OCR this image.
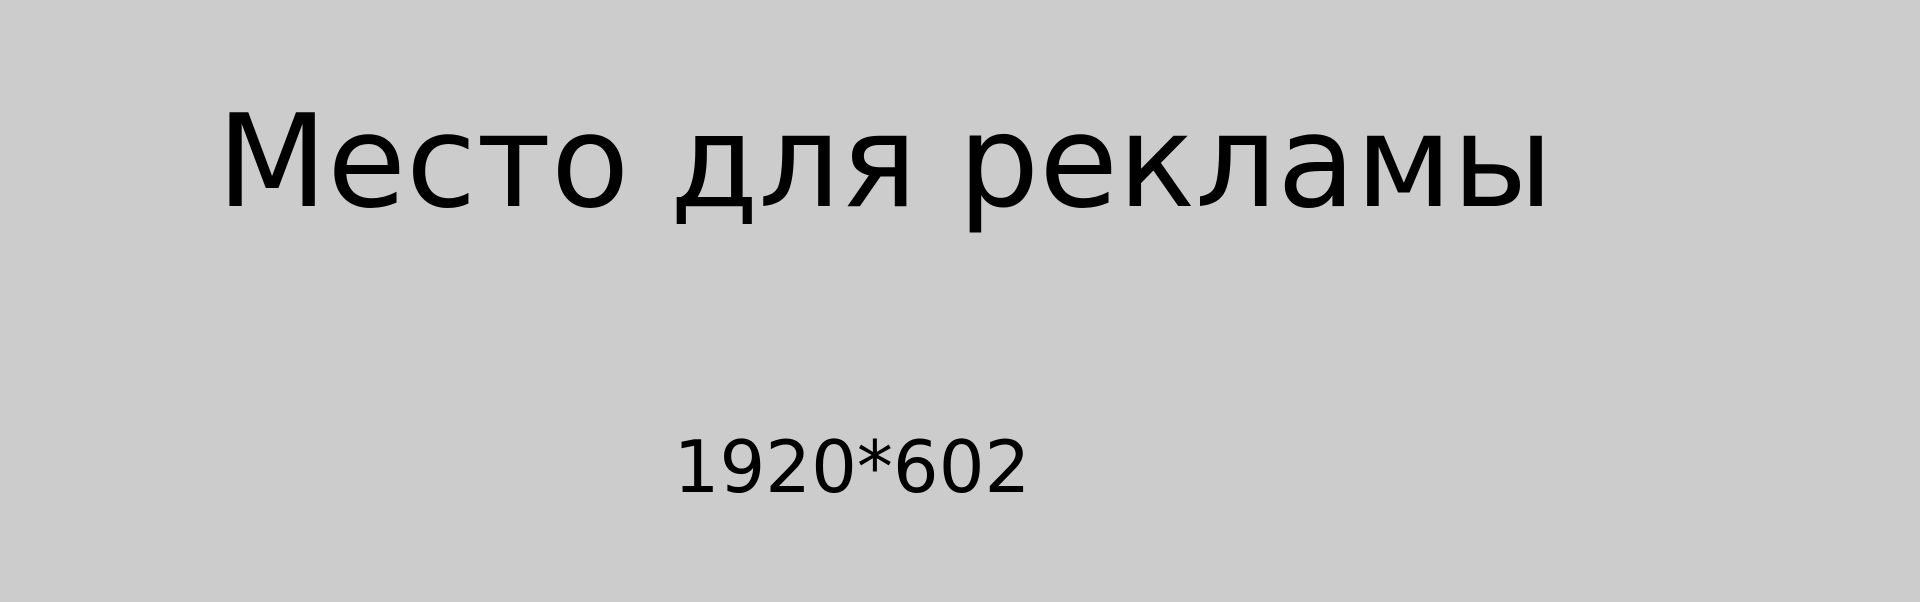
Место для рекламы
1920*602
